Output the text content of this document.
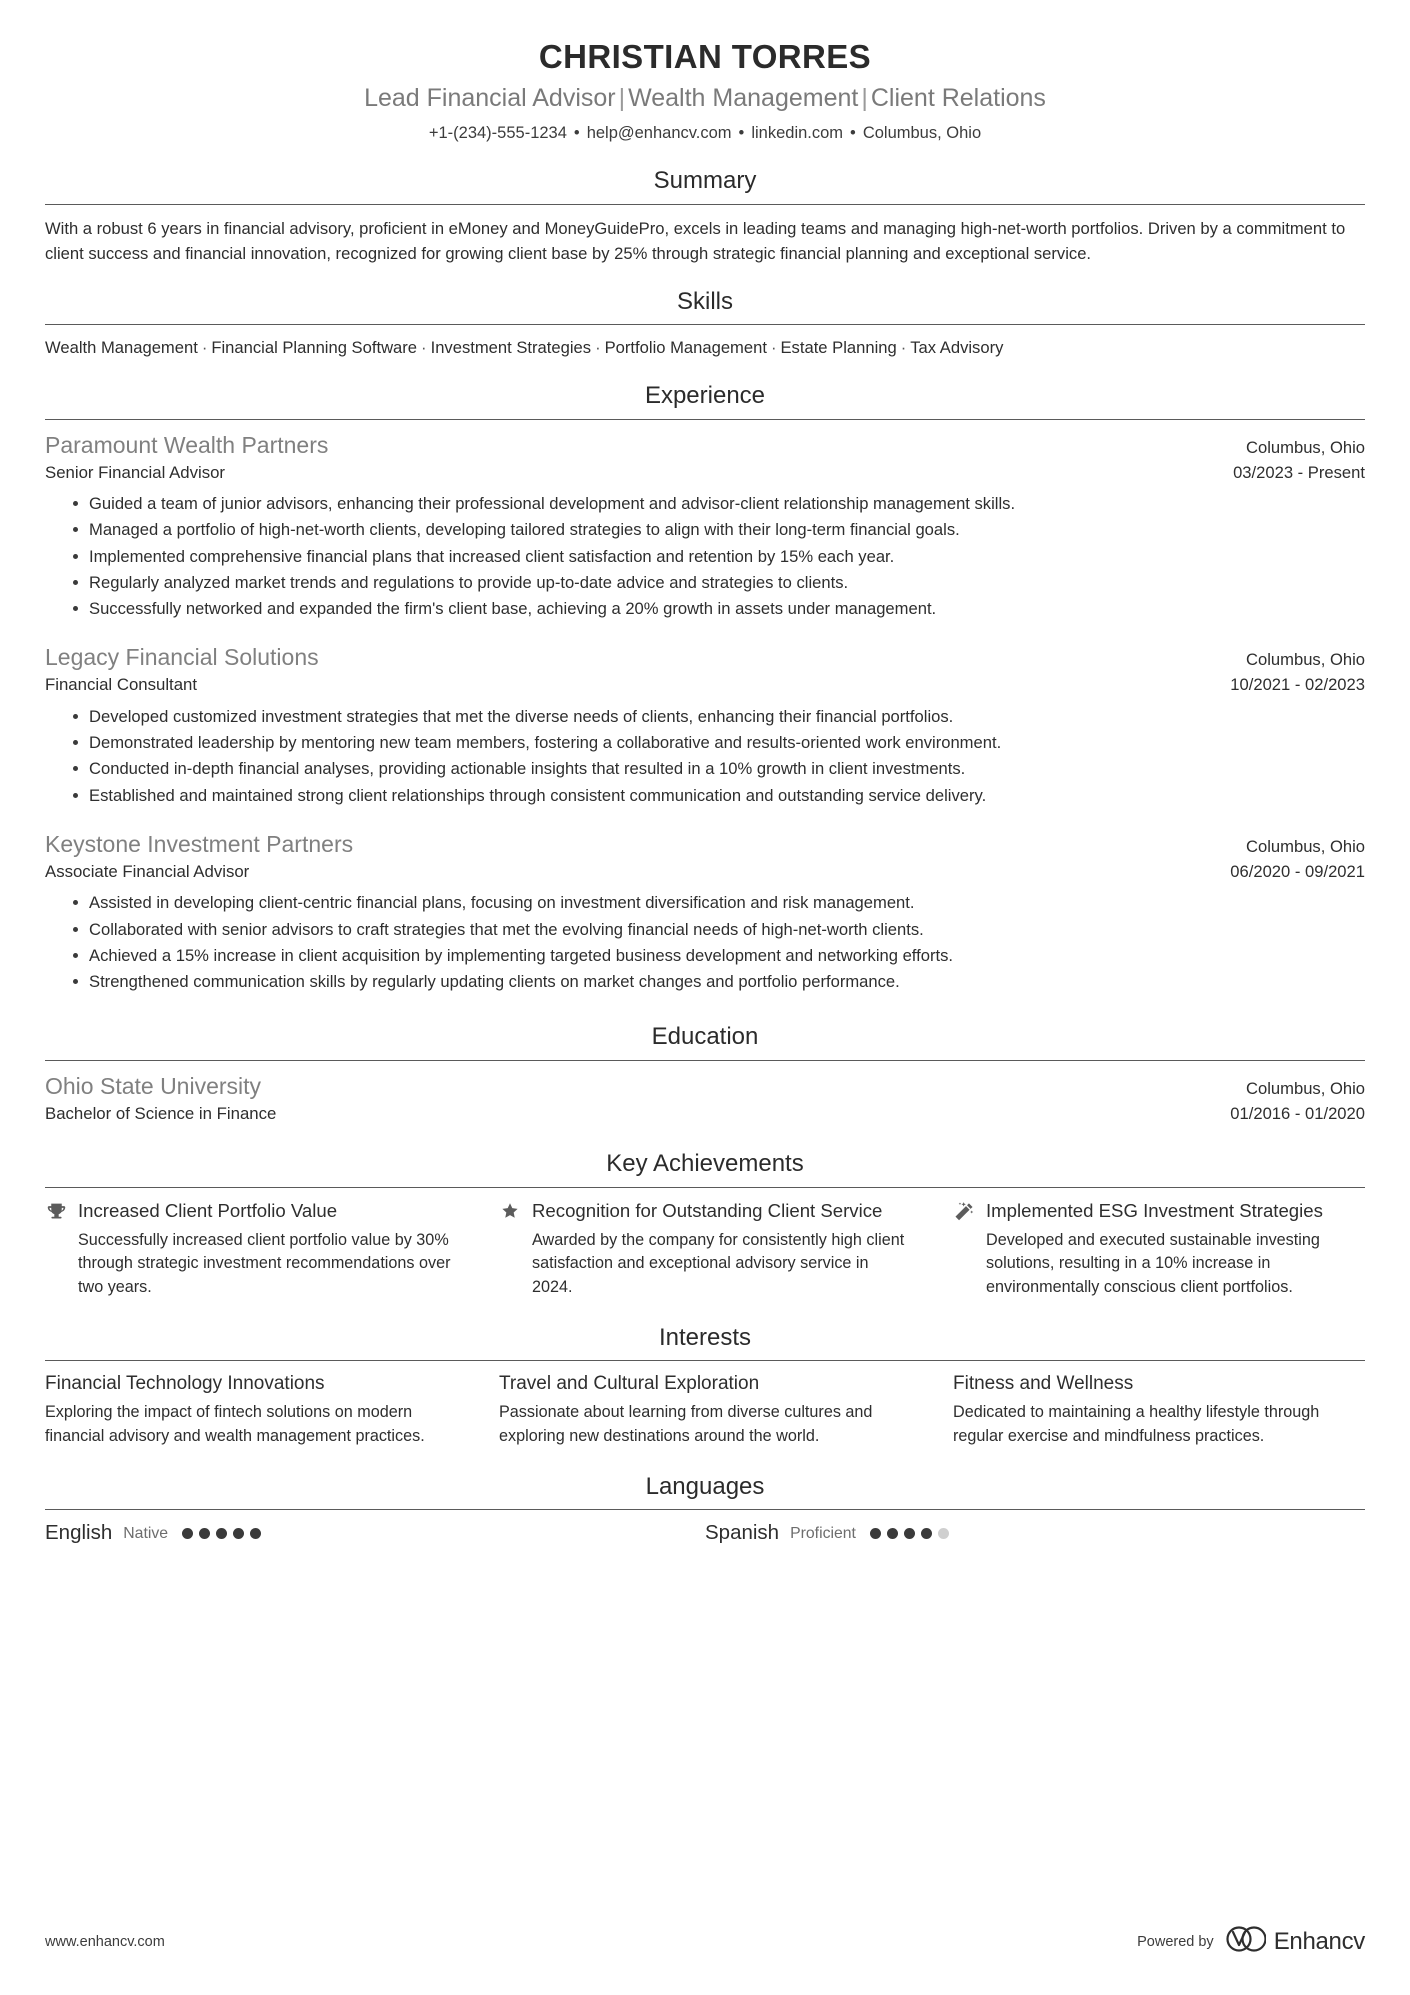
CHRISTIAN TORRES
Lead Financial Advisor | Wealth Management | Client Relations
+1-(234)-555-1234 • help@enhancv.com • linkedin.com • Columbus, Ohio
Summary
With a robust 6 years in financial advisory, proficient in eMoney and MoneyGuidePro, excels in leading teams and managing high-net-worth portfolios. Driven by a commitment to client success and financial innovation, recognized for growing client base by 25% through strategic financial planning and exceptional service.
Skills
Wealth Management · Financial Planning Software · Investment Strategies · Portfolio Management · Estate Planning · Tax Advisory
Experience
Paramount Wealth Partners	Columbus, Ohio
Senior Financial Advisor	03/2023 - Present
Guided a team of junior advisors, enhancing their professional development and advisor-client relationship management skills.
Managed a portfolio of high-net-worth clients, developing tailored strategies to align with their long-term financial goals.
Implemented comprehensive financial plans that increased client satisfaction and retention by 15% each year.
Regularly analyzed market trends and regulations to provide up-to-date advice and strategies to clients.
Successfully networked and expanded the firm's client base, achieving a 20% growth in assets under management.
Legacy Financial Solutions	Columbus, Ohio
Financial Consultant	10/2021 - 02/2023
Developed customized investment strategies that met the diverse needs of clients, enhancing their financial portfolios.
Demonstrated leadership by mentoring new team members, fostering a collaborative and results-oriented work environment.
Conducted in-depth financial analyses, providing actionable insights that resulted in a 10% growth in client investments.
Established and maintained strong client relationships through consistent communication and outstanding service delivery.
Keystone Investment Partners	Columbus, Ohio
Associate Financial Advisor	06/2020 - 09/2021
Assisted in developing client-centric financial plans, focusing on investment diversification and risk management.
Collaborated with senior advisors to craft strategies that met the evolving financial needs of high-net-worth clients.
Achieved a 15% increase in client acquisition by implementing targeted business development and networking efforts.
Strengthened communication skills by regularly updating clients on market changes and portfolio performance.
Education
Ohio State University	Columbus, Ohio
Bachelor of Science in Finance	01/2016 - 01/2020
Key Achievements
Increased Client Portfolio Value
Successfully increased client portfolio value by 30% through strategic investment recommendations over two years.
Recognition for Outstanding Client Service
Awarded by the company for consistently high client satisfaction and exceptional advisory service in 2024.
Implemented ESG Investment Strategies
Developed and executed sustainable investing solutions, resulting in a 10% increase in environmentally conscious client portfolios.
Interests
Financial Technology Innovations
Exploring the impact of fintech solutions on modern financial advisory and wealth management practices.
Travel and Cultural Exploration
Passionate about learning from diverse cultures and exploring new destinations around the world.
Fitness and Wellness
Dedicated to maintaining a healthy lifestyle through regular exercise and mindfulness practices.
Languages
English Native	Spanish Proficient
www.enhancv.com	Powered by	Enhancv
